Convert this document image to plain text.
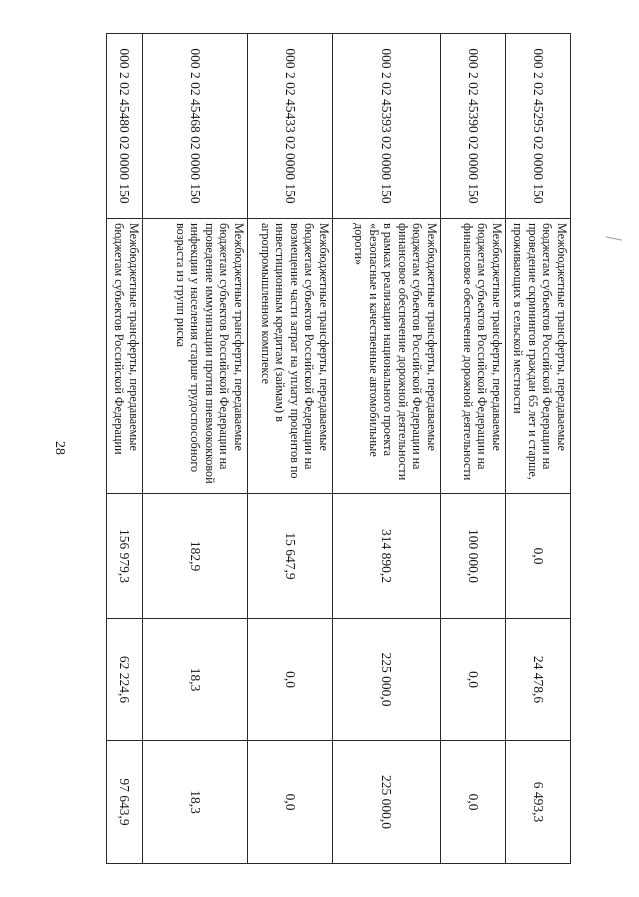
28
000 2 02 45295 02 0000 150	Межбюджетные трансферты, передаваемые бюджетам субъектов Российской Федерации на проведение скринингов граждан 65 лет и старше, проживающих в сельской местности	0,0	24 478,6	6 493,3
000 2 02 45390 02 0000 150	Межбюджетные трансферты, передаваемые бюджетам субъектов Российской Федерации на финансовое обеспечение дорожной деятельности	100 000,0	0,0	0,0
000 2 02 45393 02 0000 150	Межбюджетные трансферты, передаваемые бюджетам субъектов Российской Федерации на финансовое обеспечение дорожной деятельности в рамках реализации национального проекта «Безопасные и качественные автомобильные дороги»	314 890,2	225 000,0	225 000,0
000 2 02 45433 02 0000 150	Межбюджетные трансферты, передаваемые бюджетам субъектов Российской Федерации на возмещение части затрат на уплату процентов по инвестиционным кредитам (займам) в агропромышленном комплексе	15 647,9	0,0	0,0
000 2 02 45468 02 0000 150	Межбюджетные трансферты, передаваемые бюджетам субъектов Российской Федерации на проведение иммунизации против пневмококковой инфекции у населения старше трудоспособного возраста из групп риска	182,9	18,3	18,3
000 2 02 45480 02 0000 150	Межбюджетные трансферты, передаваемые бюджетам субъектов Российской Федерации	156 979,3	62 224,6	97 643,9
